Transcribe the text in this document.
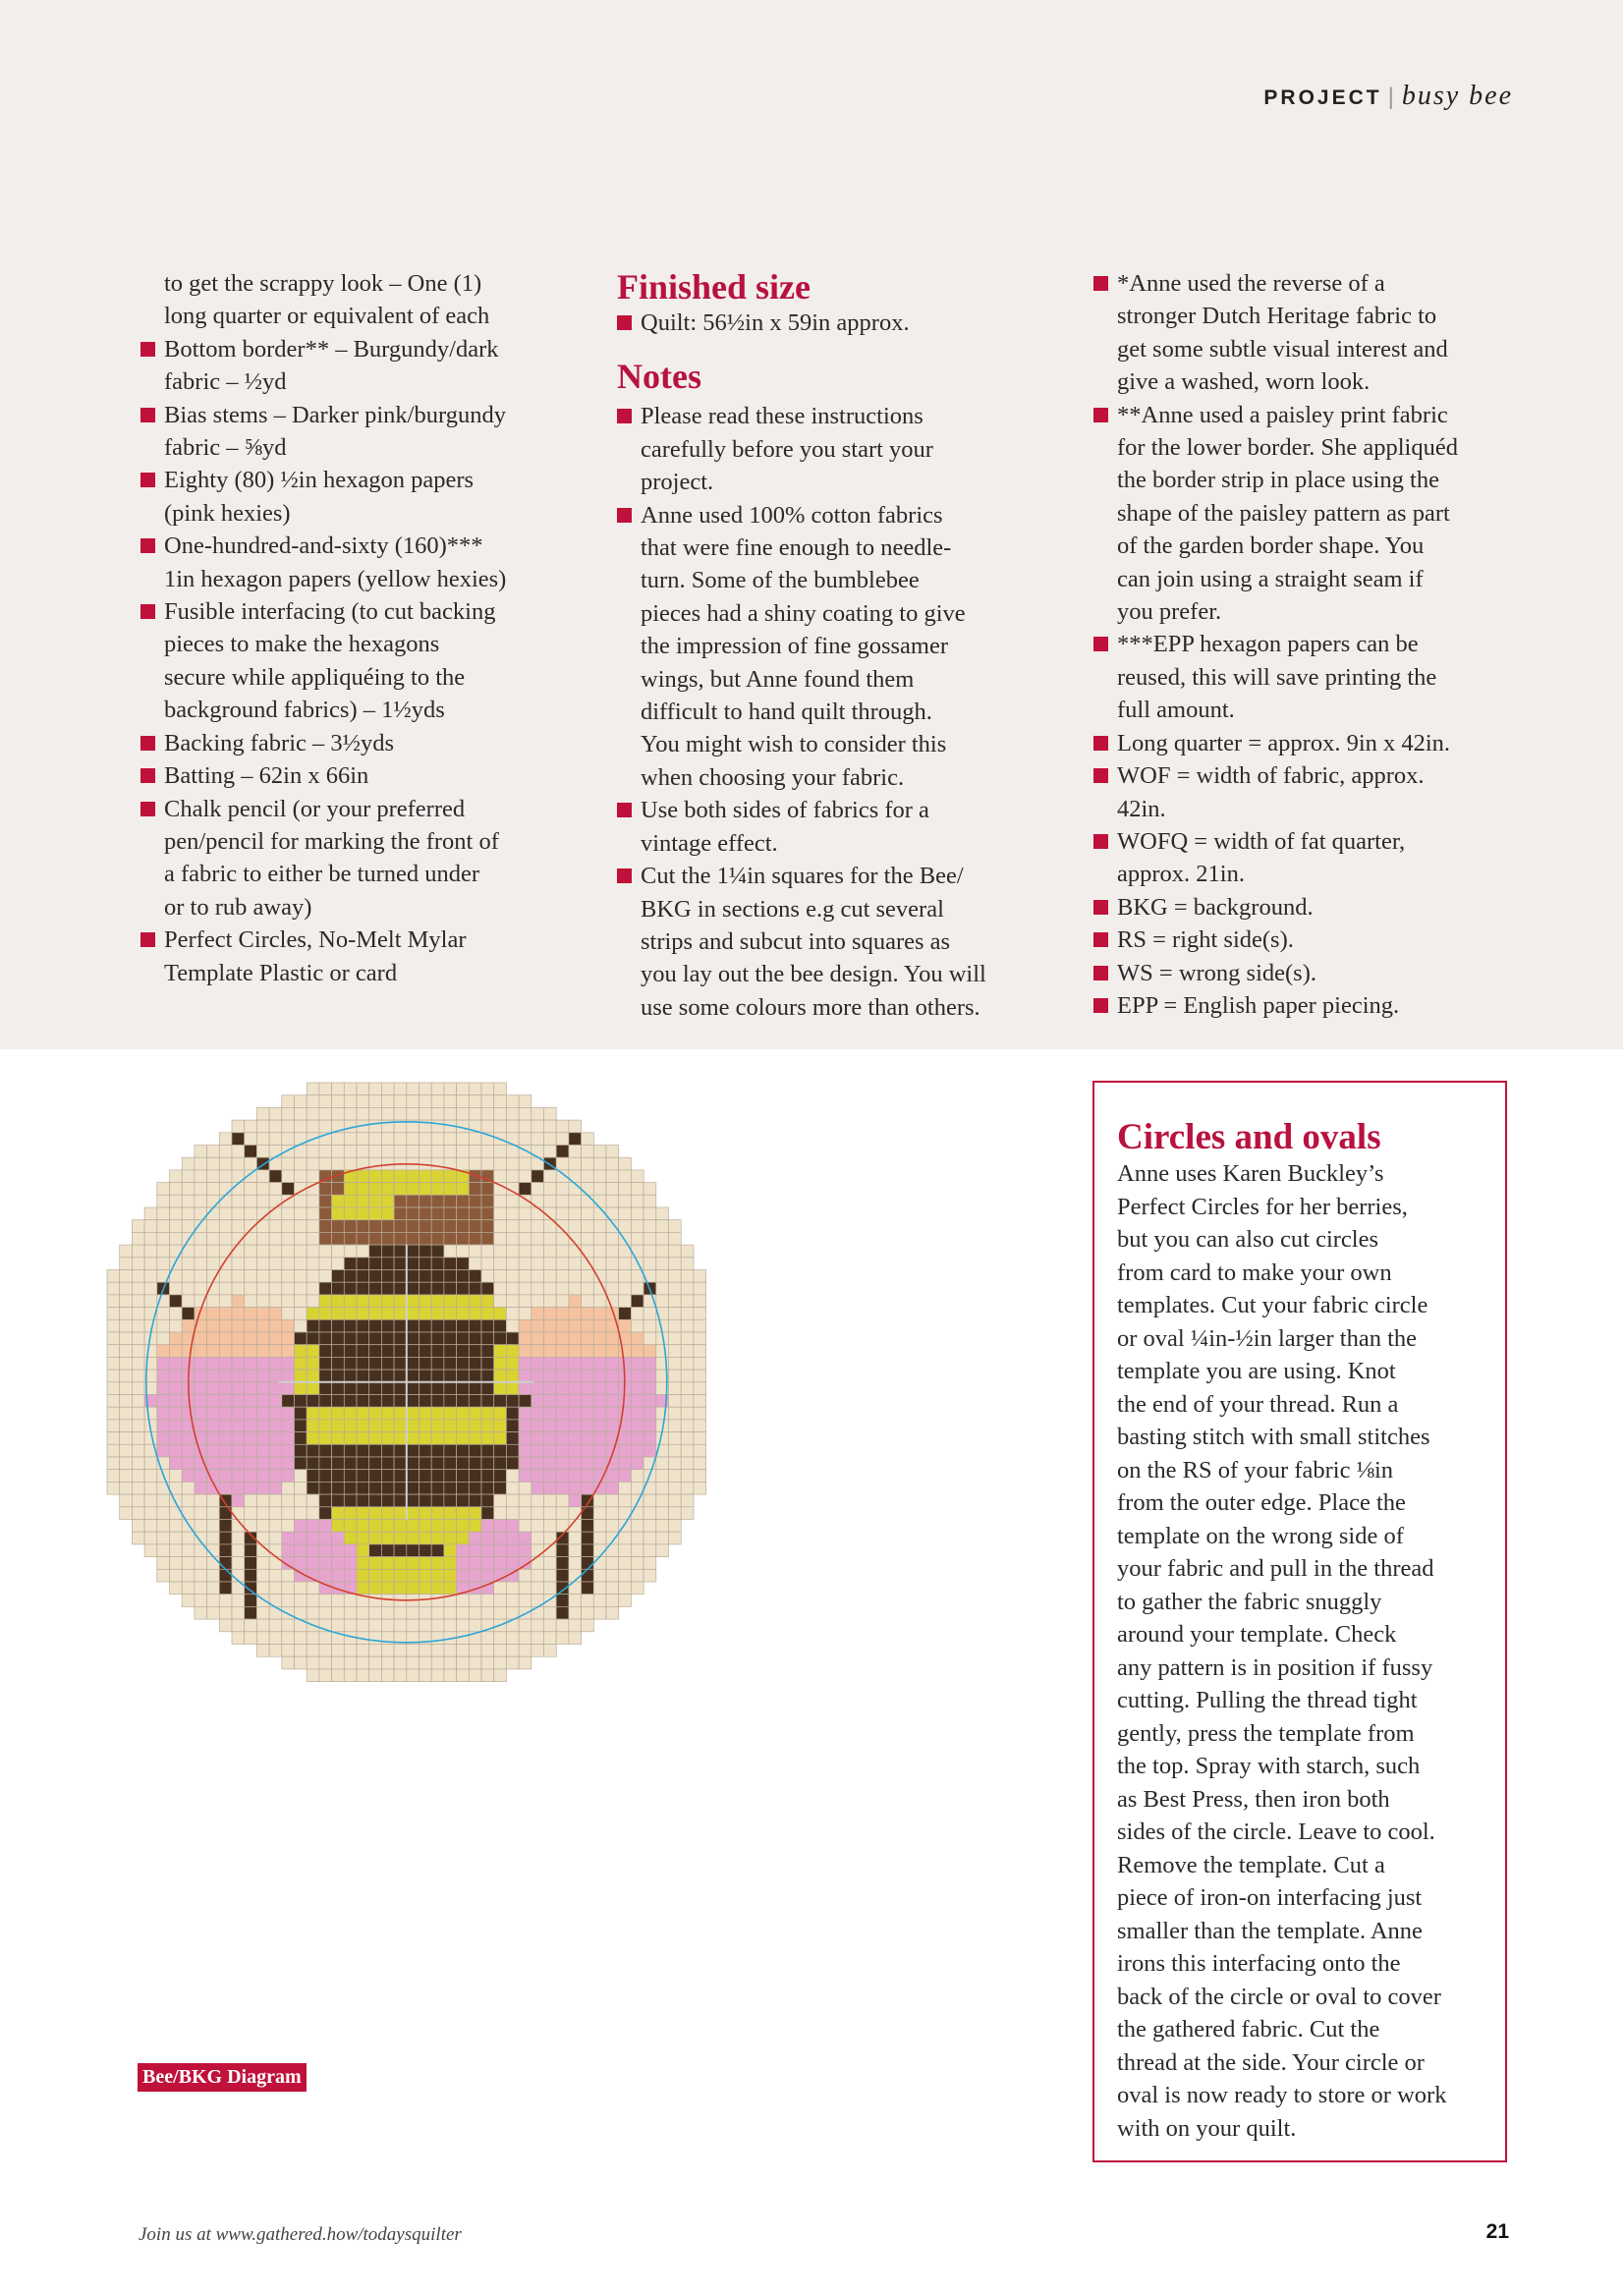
PROJECT | busy bee

to get the scrappy look – One (1)

long quarter or equivalent of each

Bottom border** – Burgundy/dark

fabric – ½yd

Bias stems – Darker pink/burgundy

fabric – ⅝yd

Eighty (80) ½in hexagon papers

(pink hexies)

One-hundred-and-sixty (160)***

1in hexagon papers (yellow hexies)

Fusible interfacing (to cut backing

pieces to make the hexagons

secure while appliquéing to the

background fabrics) – 1½yds

Backing fabric – 3½yds

Batting – 62in x 66in

Chalk pencil (or your preferred

pen/pencil for marking the front of

a fabric to either be turned under

or to rub away)

Perfect Circles, No-Melt Mylar

Template Plastic or card

Finished size

Quilt: 56½in x 59in approx.

Notes

Please read these instructions

carefully before you start your

project.

Anne used 100% cotton fabrics

that were fine enough to needle-

turn. Some of the bumblebee

pieces had a shiny coating to give

the impression of fine gossamer

wings, but Anne found them

difficult to hand quilt through.

You might wish to consider this

when choosing your fabric.

Use both sides of fabrics for a

vintage effect.

Cut the 1¼in squares for the Bee/

BKG in sections e.g cut several

strips and subcut into squares as

you lay out the bee design. You will

use some colours more than others.

*Anne used the reverse of a

stronger Dutch Heritage fabric to

get some subtle visual interest and

give a washed, worn look.

**Anne used a paisley print fabric

for the lower border. She appliquéd

the border strip in place using the

shape of the paisley pattern as part

of the garden border shape. You

can join using a straight seam if

you prefer.

***EPP hexagon papers can be

reused, this will save printing the

full amount.

Long quarter = approx. 9in x 42in.

WOF = width of fabric, approx.

42in.

WOFQ = width of fat quarter,

approx. 21in.

BKG = background.

RS = right side(s).

WS = wrong side(s).

EPP = English paper piecing.

Bee/BKG Diagram
Circles and ovals

Anne uses Karen Buckley’s

Perfect Circles for her berries,

but you can also cut circles

from card to make your own

templates. Cut your fabric circle

or oval ¼in-½in larger than the

template you are using. Knot

the end of your thread. Run a

basting stitch with small stitches

on the RS of your fabric ⅛in

from the outer edge. Place the

template on the wrong side of

your fabric and pull in the thread

to gather the fabric snuggly

around your template. Check

any pattern is in position if fussy

cutting. Pulling the thread tight

gently, press the template from

the top. Spray with starch, such

as Best Press, then iron both

sides of the circle. Leave to cool.

Remove the template. Cut a

piece of iron-on interfacing just

smaller than the template. Anne

irons this interfacing onto the

back of the circle or oval to cover

the gathered fabric. Cut the

thread at the side. Your circle or

oval is now ready to store or work

with on your quilt.

Join us at www.gathered.how/todaysquilter	21
